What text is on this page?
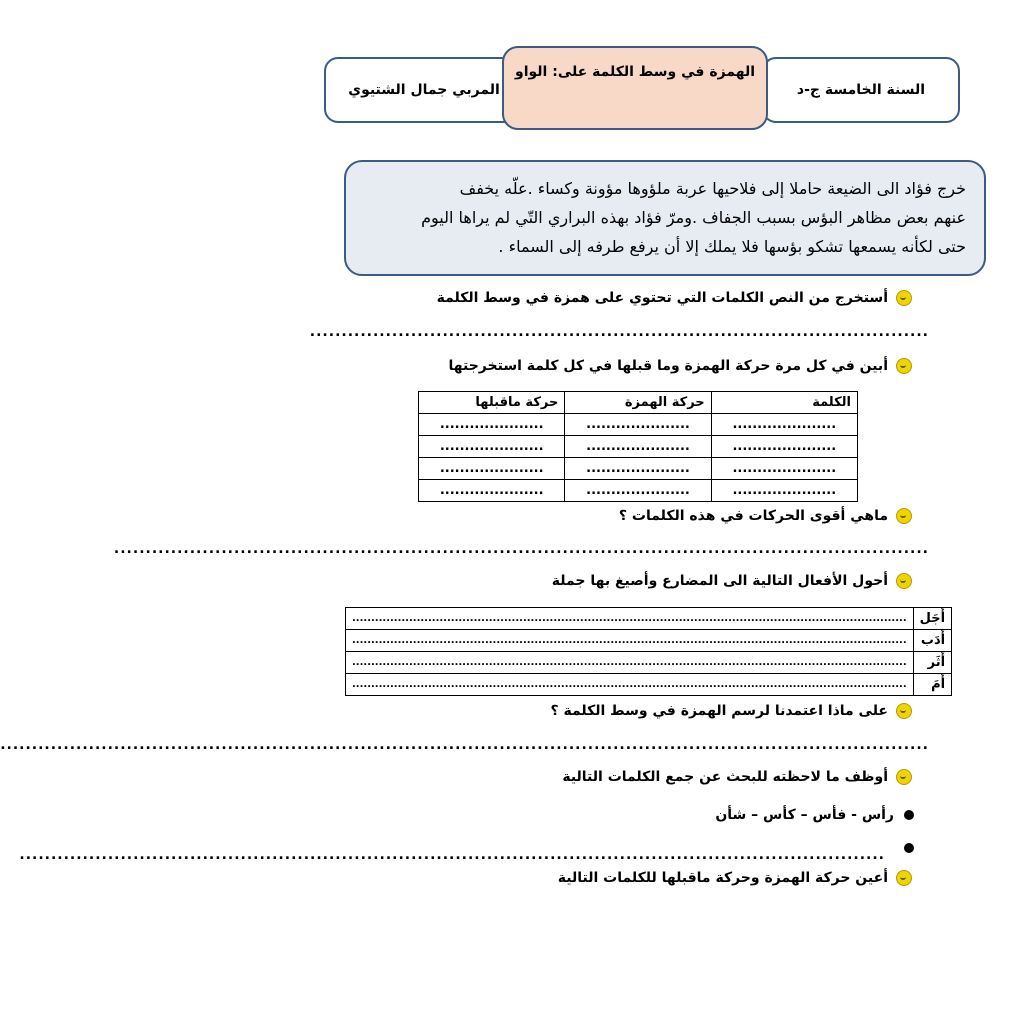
المربي جمال الشتيوي	السنة الخامسة ج-د
الهمزة في وسط الكلمة على: الواو
خرج فؤاد الى الضيعة حاملا إلى فلاحيها عربة ملؤوها مؤونة وكساء .علّه يخفف
عنهم بعض مظاهر البؤس بسبب الجفاف .ومرّ فؤاد بهذه البراري التّي لم يراها اليوم
حتى لكأنه يسمعها تشكو بؤسها فلا يملك إلا أن يرفع طرفه إلى السماء .
أستخرج من النص الكلمات التي تحتوي على همزة في وسط الكلمة
..................................................................................................
أبين في كل مرة حركة الهمزة وما قبلها في كل كلمة استخرجتها
الكلمة	حركة الهمزة	حركة ماقبلها
.....................	.....................	.....................
.....................	.....................	.....................
.....................	.....................	.....................
.....................	.....................	.....................
ماهي أقوى الحركات في هذه الكلمات ؟
.................................................................................................................................
أحول الأفعال التالية الى المضارع وأصيغ بها جملة
أَجَل	..................................................................................................................................................
أَدَب	..................................................................................................................................................
أَثَر	..................................................................................................................................................
أَمَ	..................................................................................................................................................
على ماذا اعتمدنا لرسم الهمزة في وسط الكلمة ؟
...................................................................................................................................................
أوظف ما لاحظته للبحث عن جمع الكلمات التالية
رأس - فأس – كأس – شأن
.........................................................................................................................................
أعين حركة الهمزة وحركة ماقبلها للكلمات التالية
